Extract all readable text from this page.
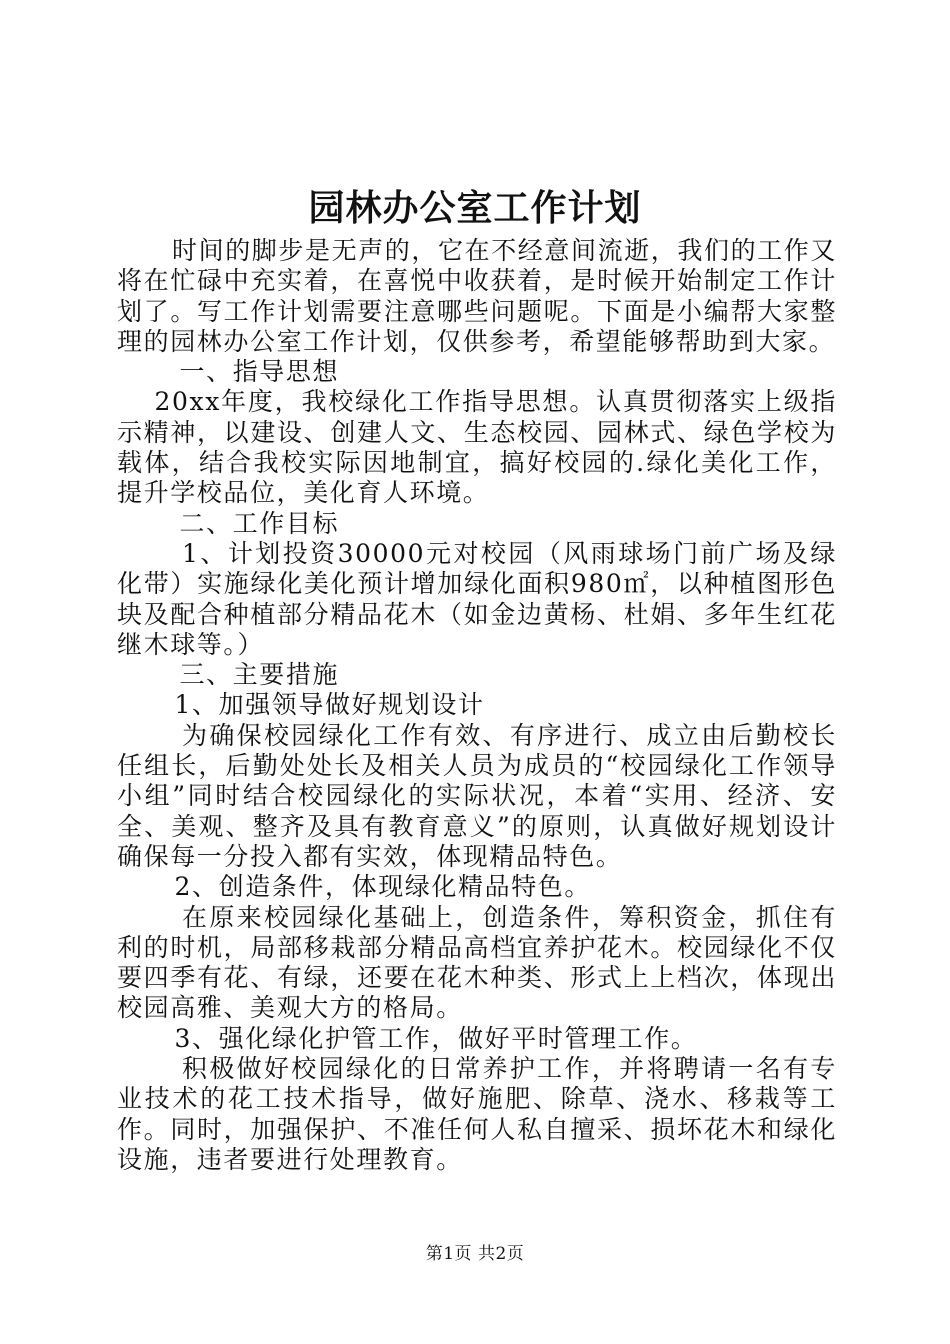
园林办公室工作计划

时间的脚步是无声的，它在不经意间流逝，我们的工作又将在忙碌中充实着，在喜悦中收获着，是时候开始制定工作计划了。写工作计划需要注意哪些问题呢。下面是小编帮大家整理的园林办公室工作计划，仅供参考，希望能够帮助到大家。

一、指导思想

20xx年度，我校绿化工作指导思想。认真贯彻落实上级指示精神，以建设、创建人文、生态校园、园林式、绿色学校为载体，结合我校实际因地制宜，搞好校园的.绿化美化工作，提升学校品位，美化育人环境。

二、工作目标

1、计划投资30000元对校园（风雨球场门前广场及绿化带）实施绿化美化预计增加绿化面积980㎡，以种植图形色块及配合种植部分精品花木（如金边黄杨、杜娟、多年生红花继木球等。）

三、主要措施

1、加强领导做好规划设计

为确保校园绿化工作有效、有序进行、成立由后勤校长任组长，后勤处处长及相关人员为成员的“校园绿化工作领导小组”同时结合校园绿化的实际状况，本着“实用、经济、安全、美观、整齐及具有教育意义”的原则，认真做好规划设计确保每一分投入都有实效，体现精品特色。

2、创造条件，体现绿化精品特色。

在原来校园绿化基础上，创造条件，筹积资金，抓住有利的时机，局部移栽部分精品高档宜养护花木。校园绿化不仅要四季有花、有绿，还要在花木种类、形式上上档次，体现出校园高雅、美观大方的格局。

3、强化绿化护管工作，做好平时管理工作。

积极做好校园绿化的日常养护工作，并将聘请一名有专业技术的花工技术指导，做好施肥、除草、浇水、移栽等工作。同时，加强保护、不准任何人私自擅采、损坏花木和绿化设施，违者要进行处理教育。

第1页 共2页
